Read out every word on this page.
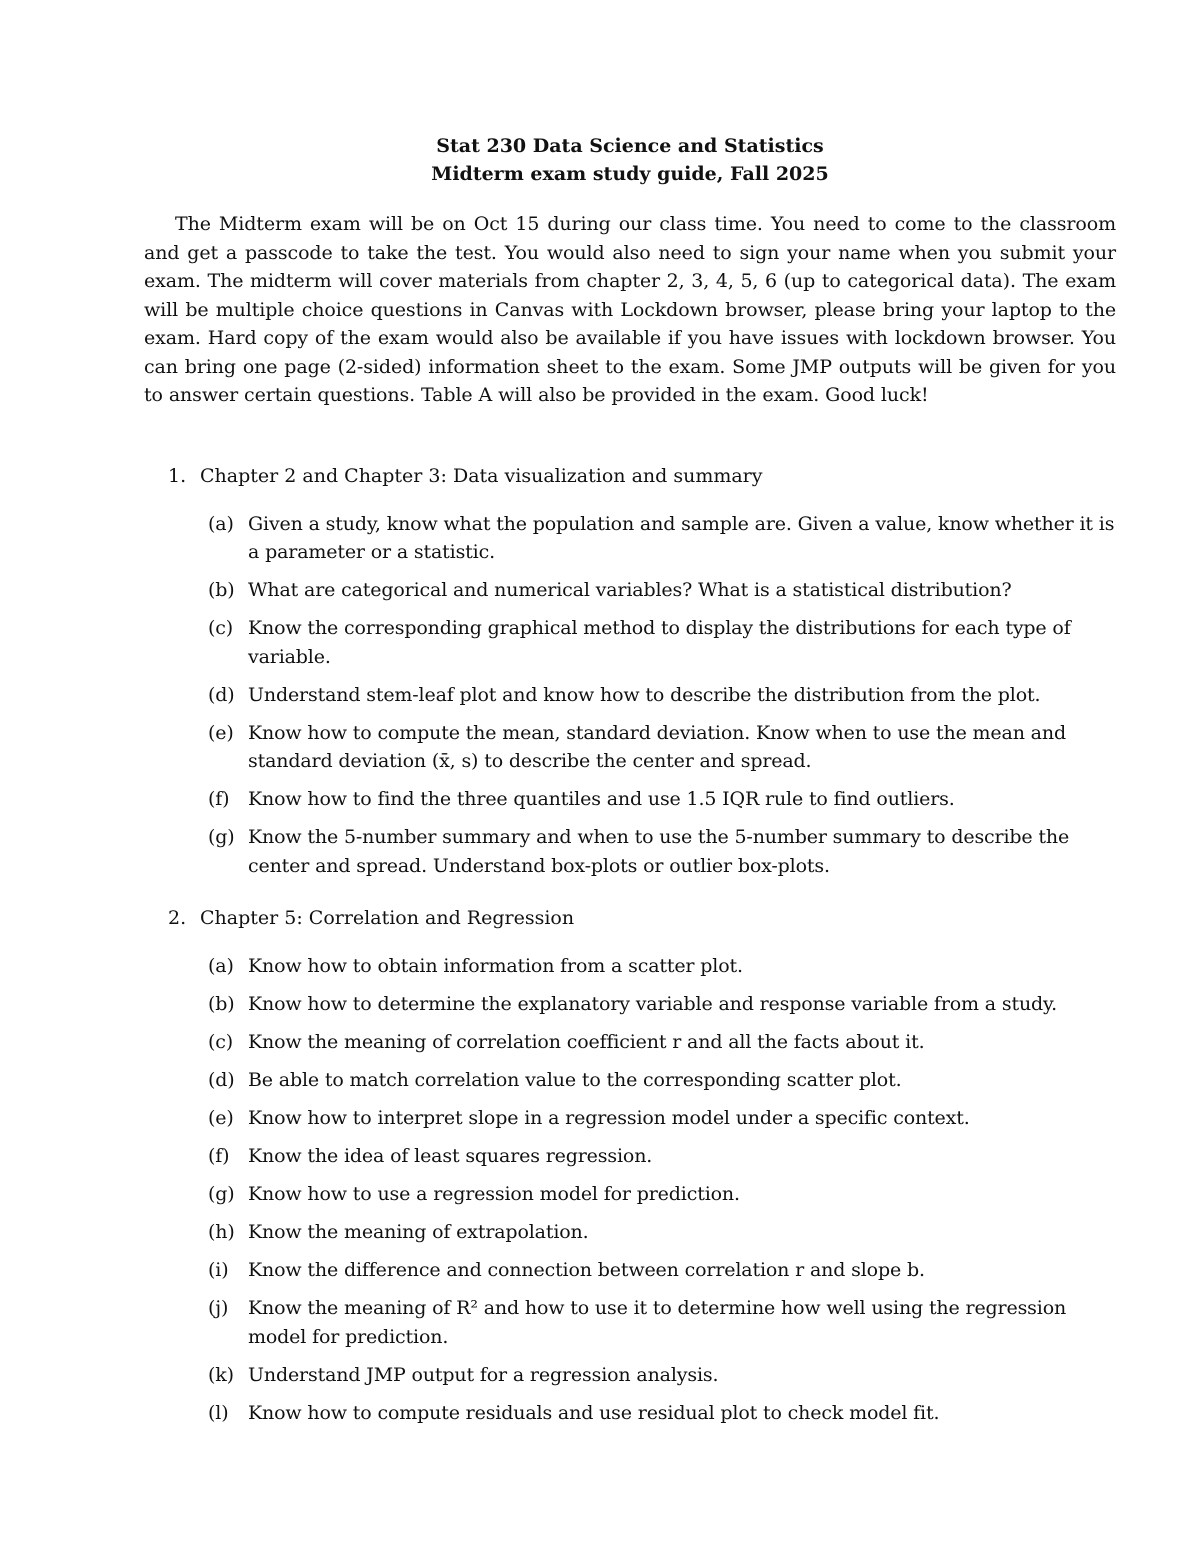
Stat 230 Data Science and Statistics
Midterm exam study guide, Fall 2025

The Midterm exam will be on Oct 15 during our class time. You need to come to the classroom and get a passcode to take the test. You would also need to sign your name when you submit your exam. The midterm will cover materials from chapter 2, 3, 4, 5, 6 (up to categorical data). The exam will be multiple choice questions in Canvas with Lockdown browser, please bring your laptop to the exam. Hard copy of the exam would also be available if you have issues with lockdown browser. You can bring one page (2-sided) information sheet to the exam. Some JMP outputs will be given for you to answer certain questions. Table A will also be provided in the exam. Good luck!

1. Chapter 2 and Chapter 3: Data visualization and summary
(a) Given a study, know what the population and sample are. Given a value, know whether it is a parameter or a statistic.
(b) What are categorical and numerical variables? What is a statistical distribution?
(c) Know the corresponding graphical method to display the distributions for each type of variable.
(d) Understand stem-leaf plot and know how to describe the distribution from the plot.
(e) Know how to compute the mean, standard deviation. Know when to use the mean and standard deviation (x̄, s) to describe the center and spread.
(f) Know how to find the three quantiles and use 1.5 IQR rule to find outliers.
(g) Know the 5-number summary and when to use the 5-number summary to describe the center and spread. Understand box-plots or outlier box-plots.
2. Chapter 5: Correlation and Regression
(a) Know how to obtain information from a scatter plot.
(b) Know how to determine the explanatory variable and response variable from a study.
(c) Know the meaning of correlation coefficient r and all the facts about it.
(d) Be able to match correlation value to the corresponding scatter plot.
(e) Know how to interpret slope in a regression model under a specific context.
(f) Know the idea of least squares regression.
(g) Know how to use a regression model for prediction.
(h) Know the meaning of extrapolation.
(i)	Know the difference and connection between correlation r and slope b.
(j)	Know the meaning of R² and how to use it to determine how well using the regression model for prediction.
(k) Understand JMP output for a regression analysis.
(l)	Know how to compute residuals and use residual plot to check model fit.
